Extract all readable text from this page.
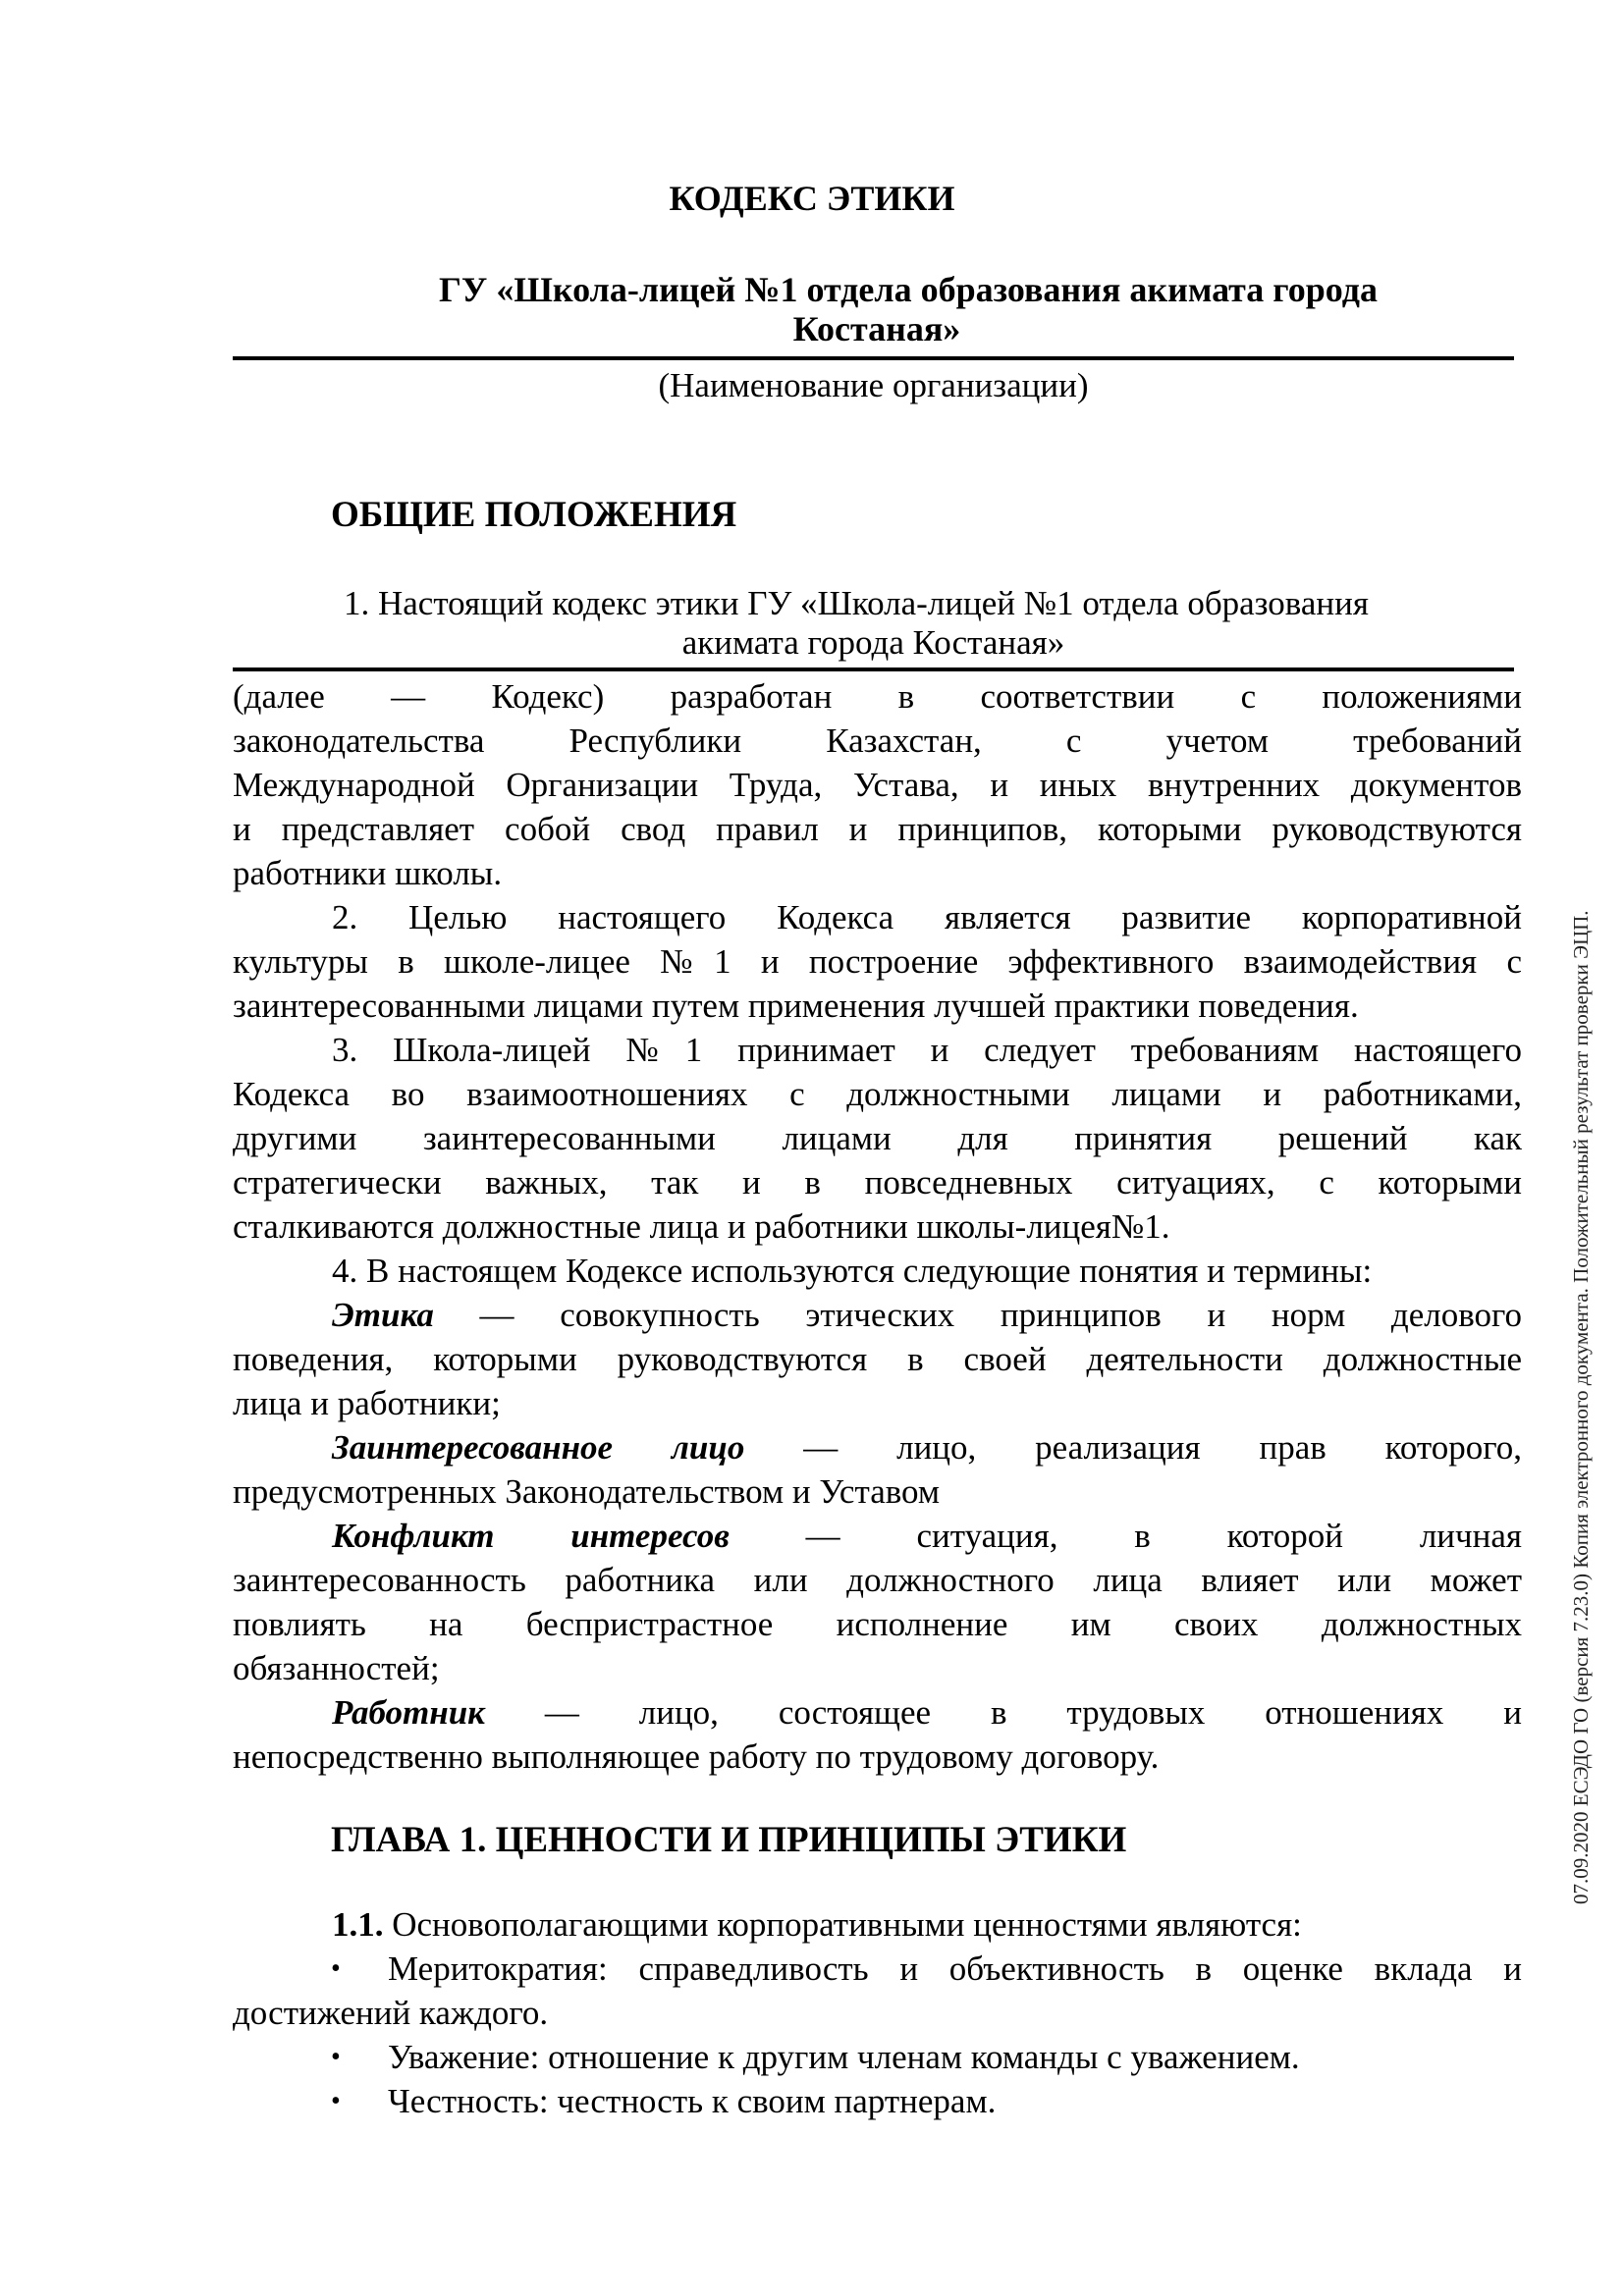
КОДЕКС ЭТИКИ
ГУ «Школа-лицей №1 отдела образования акимата города
Костаная»
(Наименование организации)
ОБЩИЕ ПОЛОЖЕНИЯ
1. Настоящий кодекс этики ГУ «Школа-лицей №1 отдела образования
акимата города Костаная»
(далее — Кодекс) разработан в соответствии с положениями
законодательства Республики Казахстан, с учетом требований
Международной Организации Труда, Устава, и иных внутренних документов
и представляет собой свод правил и принципов, которыми руководствуются
работники школы.
2. Целью настоящего Кодекса является развитие корпоративной
культуры в школе-лицее №1 и построение эффективного взаимодействия с
заинтересованными лицами путем применения лучшей практики поведения.
3. Школа-лицей №1 принимает и следует требованиям настоящего
Кодекса во взаимоотношениях с должностными лицами и работниками,
другими заинтересованными лицами для принятия решений как
стратегически важных, так и в повседневных ситуациях, с которыми
сталкиваются должностные лица и работники школы-лицея№1.
4. В настоящем Кодексе используются следующие понятия и термины:
Этика — совокупность этических принципов и норм делового
поведения, которыми руководствуются в своей деятельности должностные
лица и работники;
Заинтересованное лицо — лицо, реализация прав которого,
предусмотренных Законодательством и Уставом
Конфликт интересов — ситуация, в которой личная
заинтересованность работника или должностного лица влияет или может
повлиять на беспристрастное исполнение им своих должностных
обязанностей;
Работник — лицо, состоящее в трудовых отношениях и
непосредственно выполняющее работу по трудовому договору.
ГЛАВА 1. ЦЕННОСТИ И ПРИНЦИПЫ ЭТИКИ
1.1. Основополагающими корпоративными ценностями являются:
• Меритократия: справедливость и объективность в оценке вклада и
достижений каждого.
• Уважение: отношение к другим членам команды с уважением.
• Честность: честность к своим партнерам.
07.09.2020 ЕСЭДО ГО (версия 7.23.0) Копия электронного документа. Положительный результат проверки ЭЦП.
